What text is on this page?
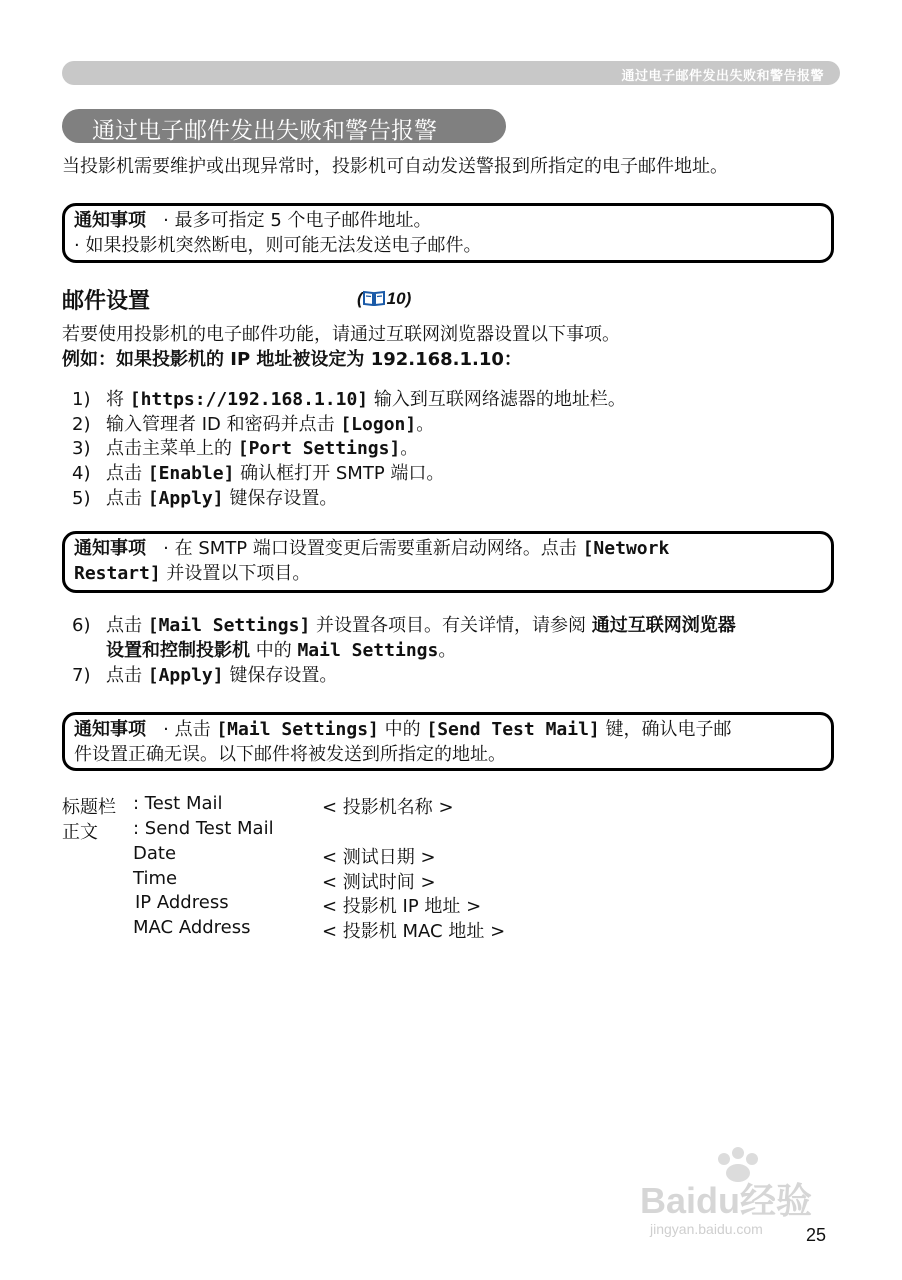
通过电子邮件发出失败和警告报警
通过电子邮件发出失败和警告报警
当投影机需要维护或出现异常时，投影机可自动发送警报到所指定的电子邮件地址。
通知事项 · 最多可指定 5 个电子邮件地址。
· 如果投影机突然断电，则可能无法发送电子邮件。
邮件设置	( 10)
若要使用投影机的电子邮件功能，请通过互联网浏览器设置以下事项。
例如：如果投影机的 IP 地址被设定为 192.168.1.10：
1) 将 [https://192.168.1.10] 输入到互联网络滤器的地址栏。
2) 输入管理者 ID 和密码并点击 [Logon]。
3) 点击主菜单上的 [Port Settings]。
4) 点击 [Enable] 确认框打开 SMTP 端口。
5) 点击 [Apply] 键保存设置。
通知事项 · 在 SMTP 端口设置变更后需要重新启动网络。点击 [Network
Restart] 并设置以下项目。
6) 点击 [Mail Settings] 并设置各项目。有关详情，请参阅 通过互联网浏览器
设置和控制投影机 中的 Mail Settings。
7) 点击 [Apply] 键保存设置。
通知事项 · 点击 [Mail Settings] 中的 [Send Test Mail] 键，确认电子邮
件设置正确无误。以下邮件将被发送到所指定的地址。
标题栏 : Test Mail	< 投影机名称 >
正文 : Send Test Mail
Date	< 测试日期 >
Time	< 测试时间 >
IP Address	< 投影机 IP 地址 >
MAC Address	< 投影机 MAC 地址 >
Baidu经验
jingyan.baidu.com 25
